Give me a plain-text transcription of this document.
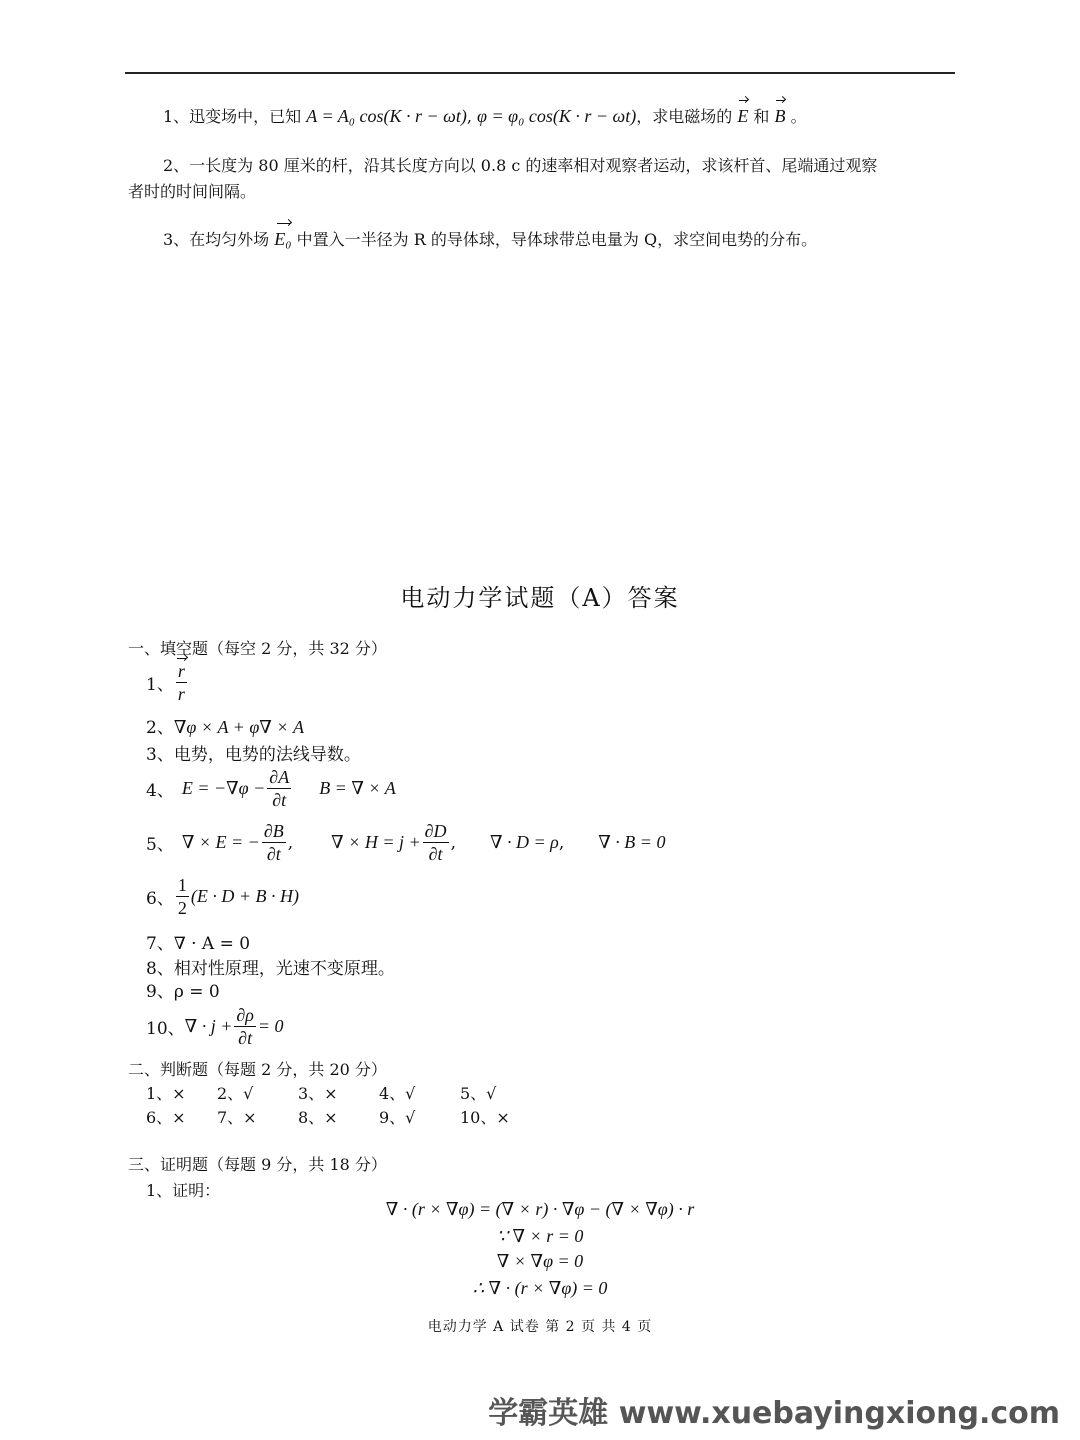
1、迅变场中，已知 A = A₀ cos(K · r − ωt), φ = φ₀ cos(K · r − ωt)，求电磁场的 E 和 B 。
2、一长度为 80 厘米的杆，沿其长度方向以 0.8 c 的速率相对观察者运动，求该杆首、尾端通过观察
者时的时间间隔。
3、在均匀外场 E₀ 中置入一半径为 R 的导体球，导体球带总电量为 Q，求空间电势的分布。
电动力学试题（A）答案
一、填空题（每空 2 分，共 32 分）
1、 $\frac{r}{r}$
2、∇φ × A + φ∇ × A
3、电势，电势的法线导数。
4、 $E = -\nabla\varphi - \frac{\partial A}{\partial t}$ B = ∇ × A
5、 ∇ × E = − $\frac{\partial B}{\partial t}$ , ∇ × $H = j + \frac{\partial D}{\partial t}$ , ∇ · D = ρ , ∇ · B = 0
6、 $\frac{1}{2} (E \cdot D + B \cdot H)$
7、∇ · A = 0
8、相对性原理，光速不变原理。
9、ρ = 0
10、 ∇ · $j + \frac{\partial\rho}{\partial t} = 0$
二、判断题（每题 2 分，共 20 分）
1、×	2、√	3、×	4、√	5、√
6、×	7、×	8、×	9、√	10、×
三、证明题（每题 9 分，共 18 分）
1、证明：
∇ · (r × ∇φ) = (∇ × r) · ∇φ − (∇ × ∇φ) · r
∵ ∇ × r = 0
∇ × ∇φ = 0
∴ ∇ · (r × ∇φ) = 0
电动力学 A 试卷 第 2 页 共 4 页
学霸英雄 www.xuebayingxiong.com
